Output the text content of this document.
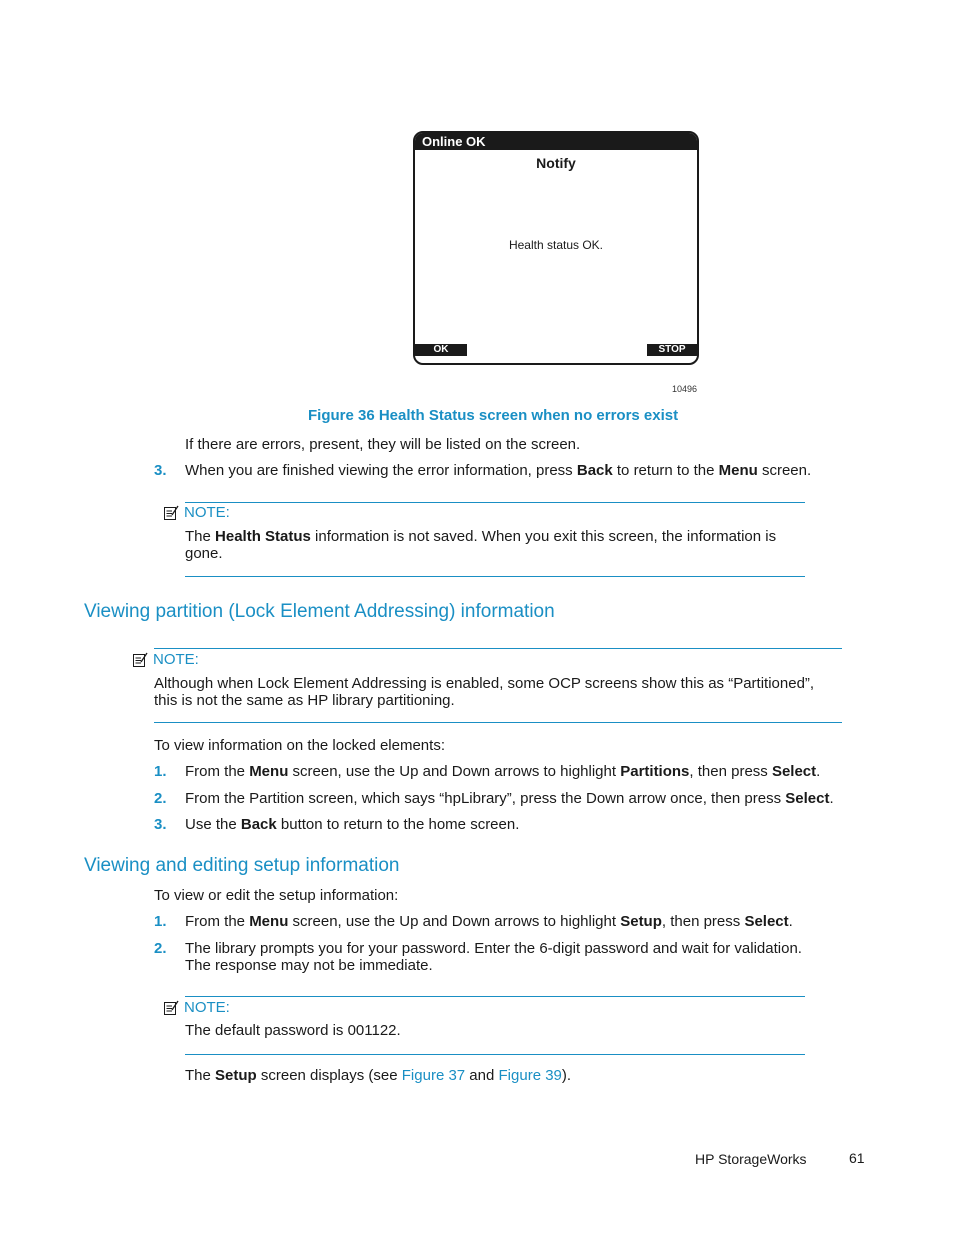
Online OK
Notify
Health status OK.
OK	STOP
10496
Figure 36 Health Status screen when no errors exist
If there are errors, present, they will be listed on the screen.
3. When you are finished viewing the error information, press Back to return to the Menu screen.
NOTE:
The Health Status information is not saved. When you exit this screen, the information is
gone.
Viewing partition (Lock Element Addressing) information
NOTE:
Although when Lock Element Addressing is enabled, some OCP screens show this as “Partitioned”,
this is not the same as HP library partitioning.
To view information on the locked elements:
1. From the Menu screen, use the Up and Down arrows to highlight Partitions, then press Select.
2. From the Partition screen, which says “hpLibrary”, press the Down arrow once, then press Select.
3. Use the Back button to return to the home screen.
Viewing and editing setup information
To view or edit the setup information:
1. From the Menu screen, use the Up and Down arrows to highlight Setup, then press Select.
2. The library prompts you for your password. Enter the 6-digit password and wait for validation.
The response may not be immediate.
NOTE:
The default password is 001122.
The Setup screen displays (see Figure 37 and Figure 39).
HP StorageWorks	61
